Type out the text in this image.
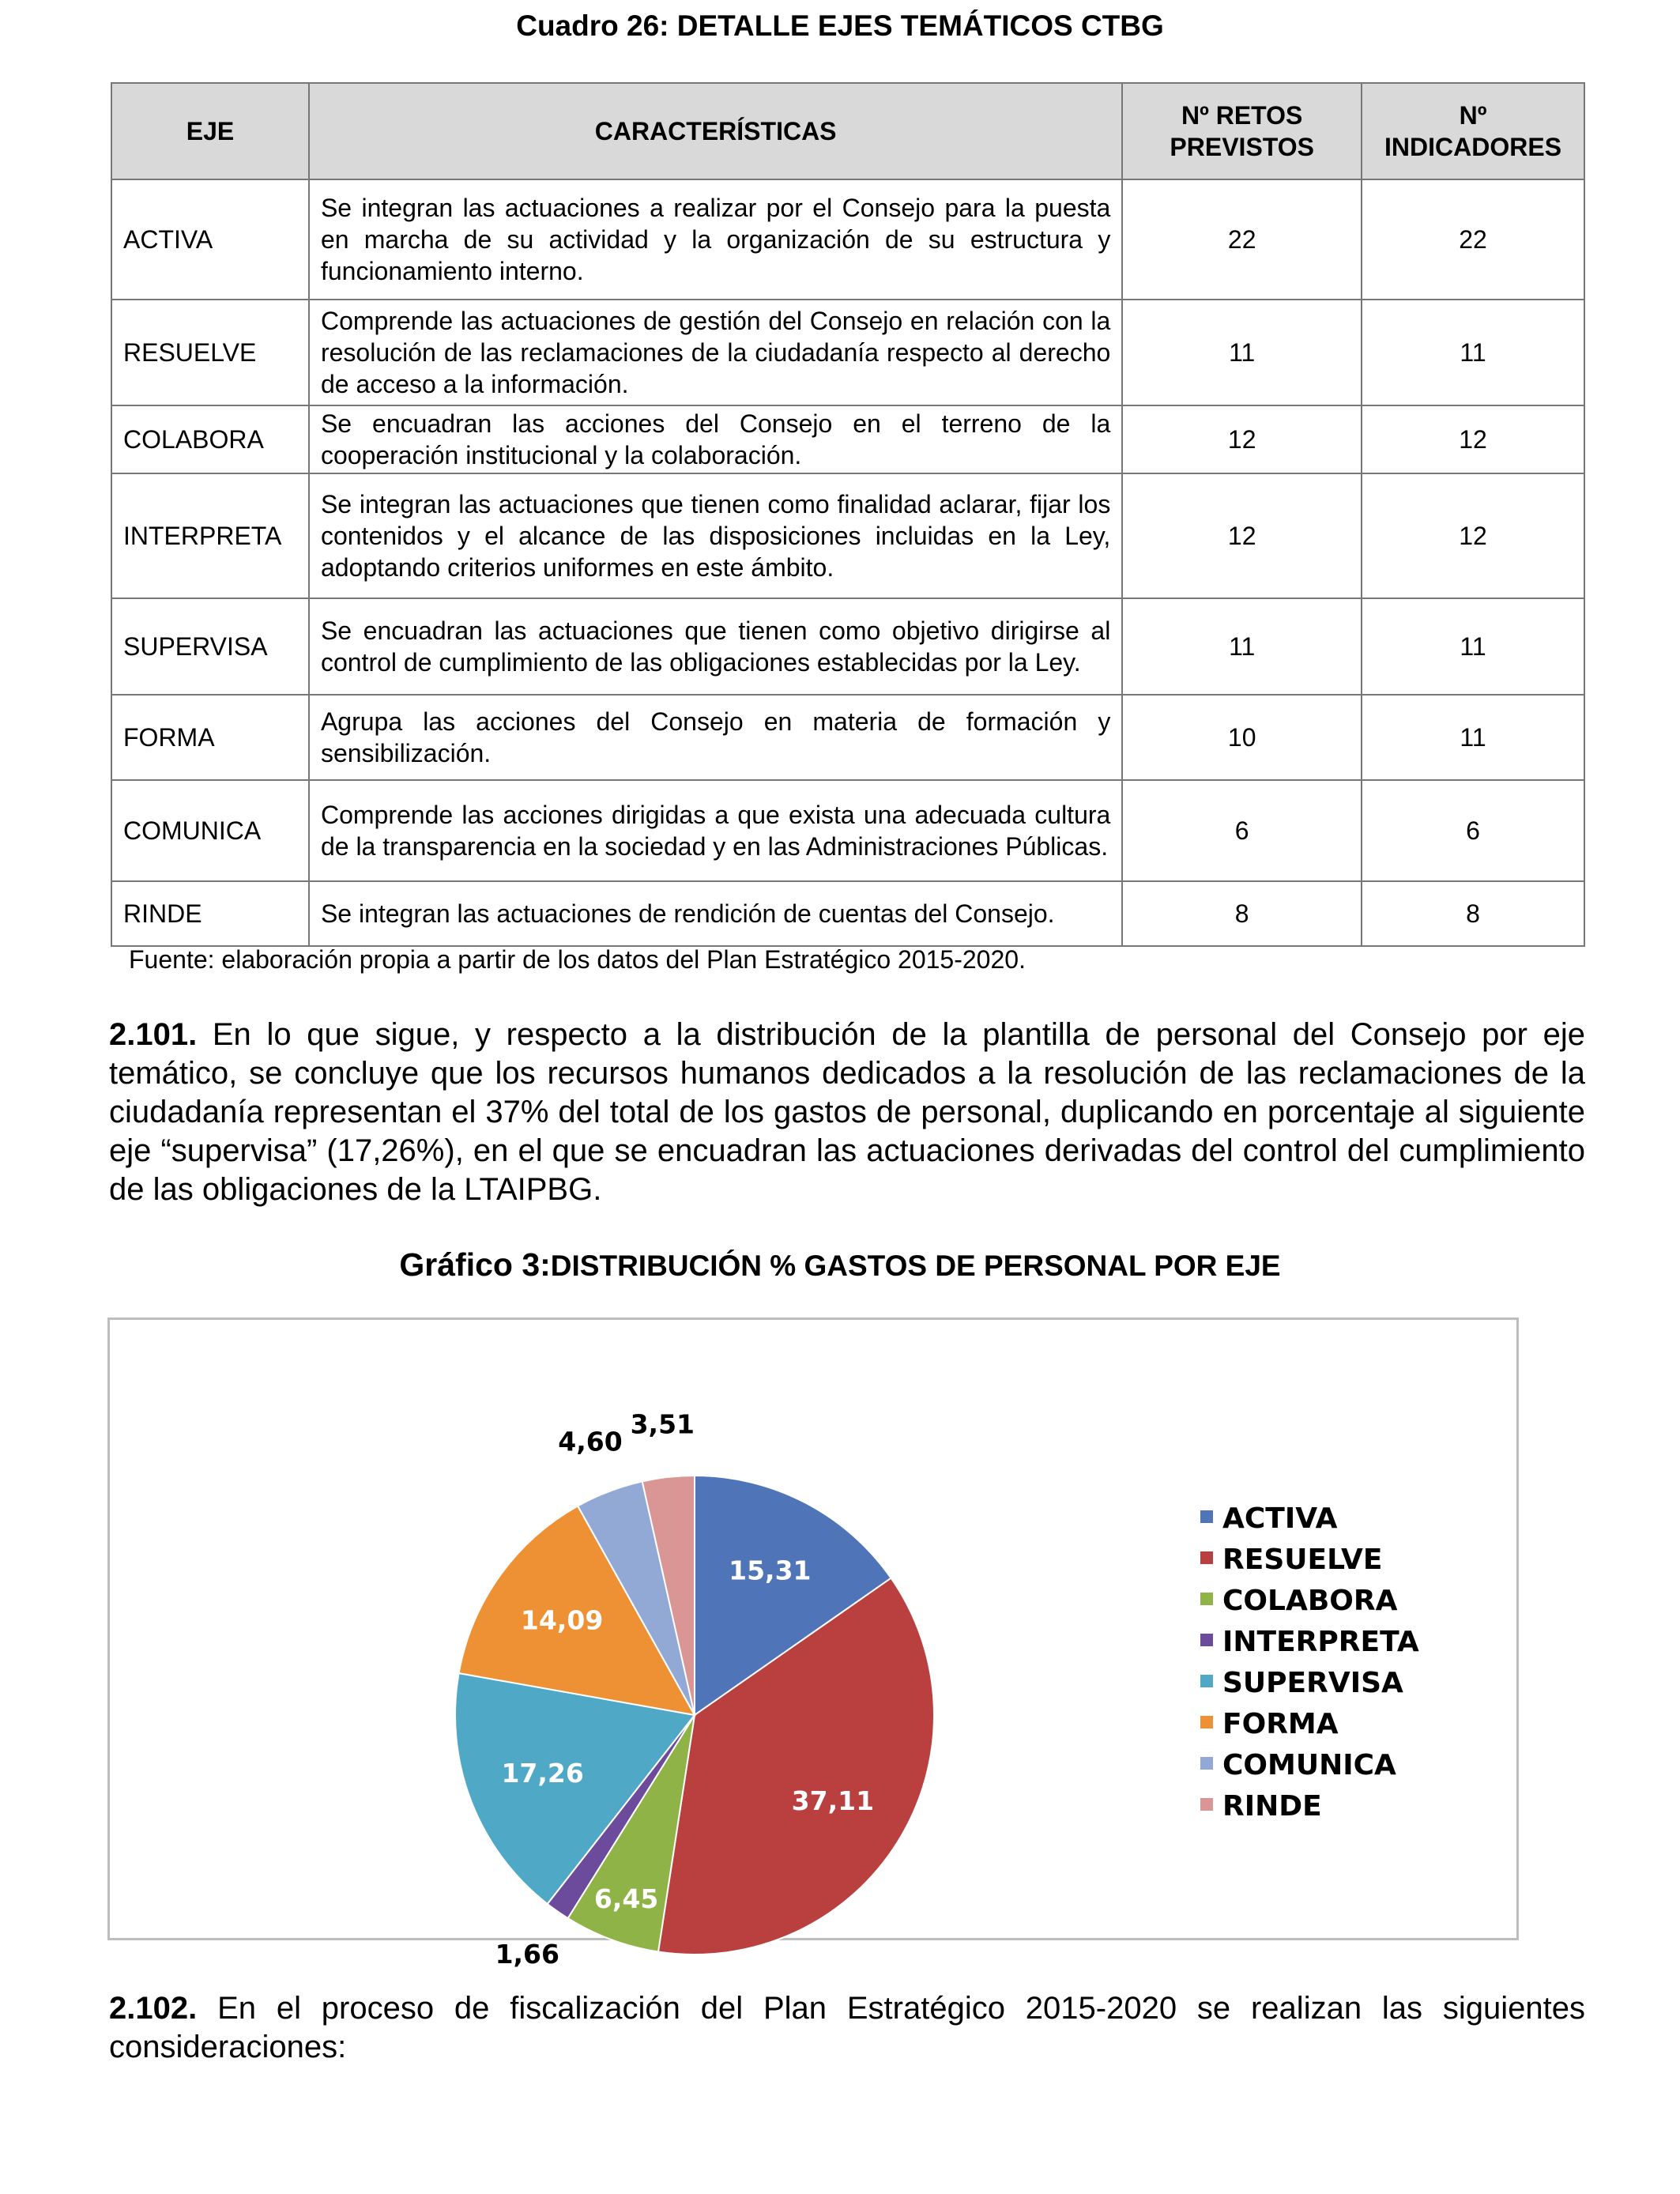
Cuadro 26: DETALLE EJES TEMÁTICOS CTBG
EJE	CARACTERÍSTICAS	Nº RETOS PREVISTOS	Nº INDICADORES
ACTIVA	Se integran las actuaciones a realizar por el Consejo para la puesta en marcha de su actividad y la organización de su estructura y funcionamiento interno.	22	22
RESUELVE	Comprende las actuaciones de gestión del Consejo en relación con la resolución de las reclamaciones de la ciudadanía respecto al derecho de acceso a la información.	11	11
COLABORA	Se encuadran las acciones del Consejo en el terreno de la cooperación institucional y la colaboración.	12	12
INTERPRETA	Se integran las actuaciones que tienen como finalidad aclarar, fijar los contenidos y el alcance de las disposiciones incluidas en la Ley, adoptando criterios uniformes en este ámbito.	12	12
SUPERVISA	Se encuadran las actuaciones que tienen como objetivo dirigirse al control de cumplimiento de las obligaciones establecidas por la Ley.	11	11
FORMA	Agrupa las acciones del Consejo en materia de formación y sensibilización.	10	11
COMUNICA	Comprende las acciones dirigidas a que exista una adecuada cultura de la transparencia en la sociedad y en las Administraciones Públicas.	6	6
RINDE	Se integran las actuaciones de rendición de cuentas del Consejo.	8	8
Fuente: elaboración propia a partir de los datos del Plan Estratégico 2015-2020.
2.101. En lo que sigue, y respecto a la distribución de la plantilla de personal del Consejo por eje temático, se concluye que los recursos humanos dedicados a la resolución de las reclamaciones de la ciudadanía representan el 37% del total de los gastos de personal, duplicando en porcentaje al siguiente eje “supervisa” (17,26%), en el que se encuadran las actuaciones derivadas del control del cumplimiento de las obligaciones de la LTAIPBG.
Gráfico 3:DISTRIBUCIÓN % GASTOS DE PERSONAL POR EJE
15,31
37,11
6,45
1,66
17,26
14,09
4,60
3,51
ACTIVA
RESUELVE
COLABORA
INTERPRETA
SUPERVISA
FORMA
COMUNICA
RINDE
2.102. En el proceso de fiscalización del Plan Estratégico 2015-2020 se realizan las siguientes consideraciones:
